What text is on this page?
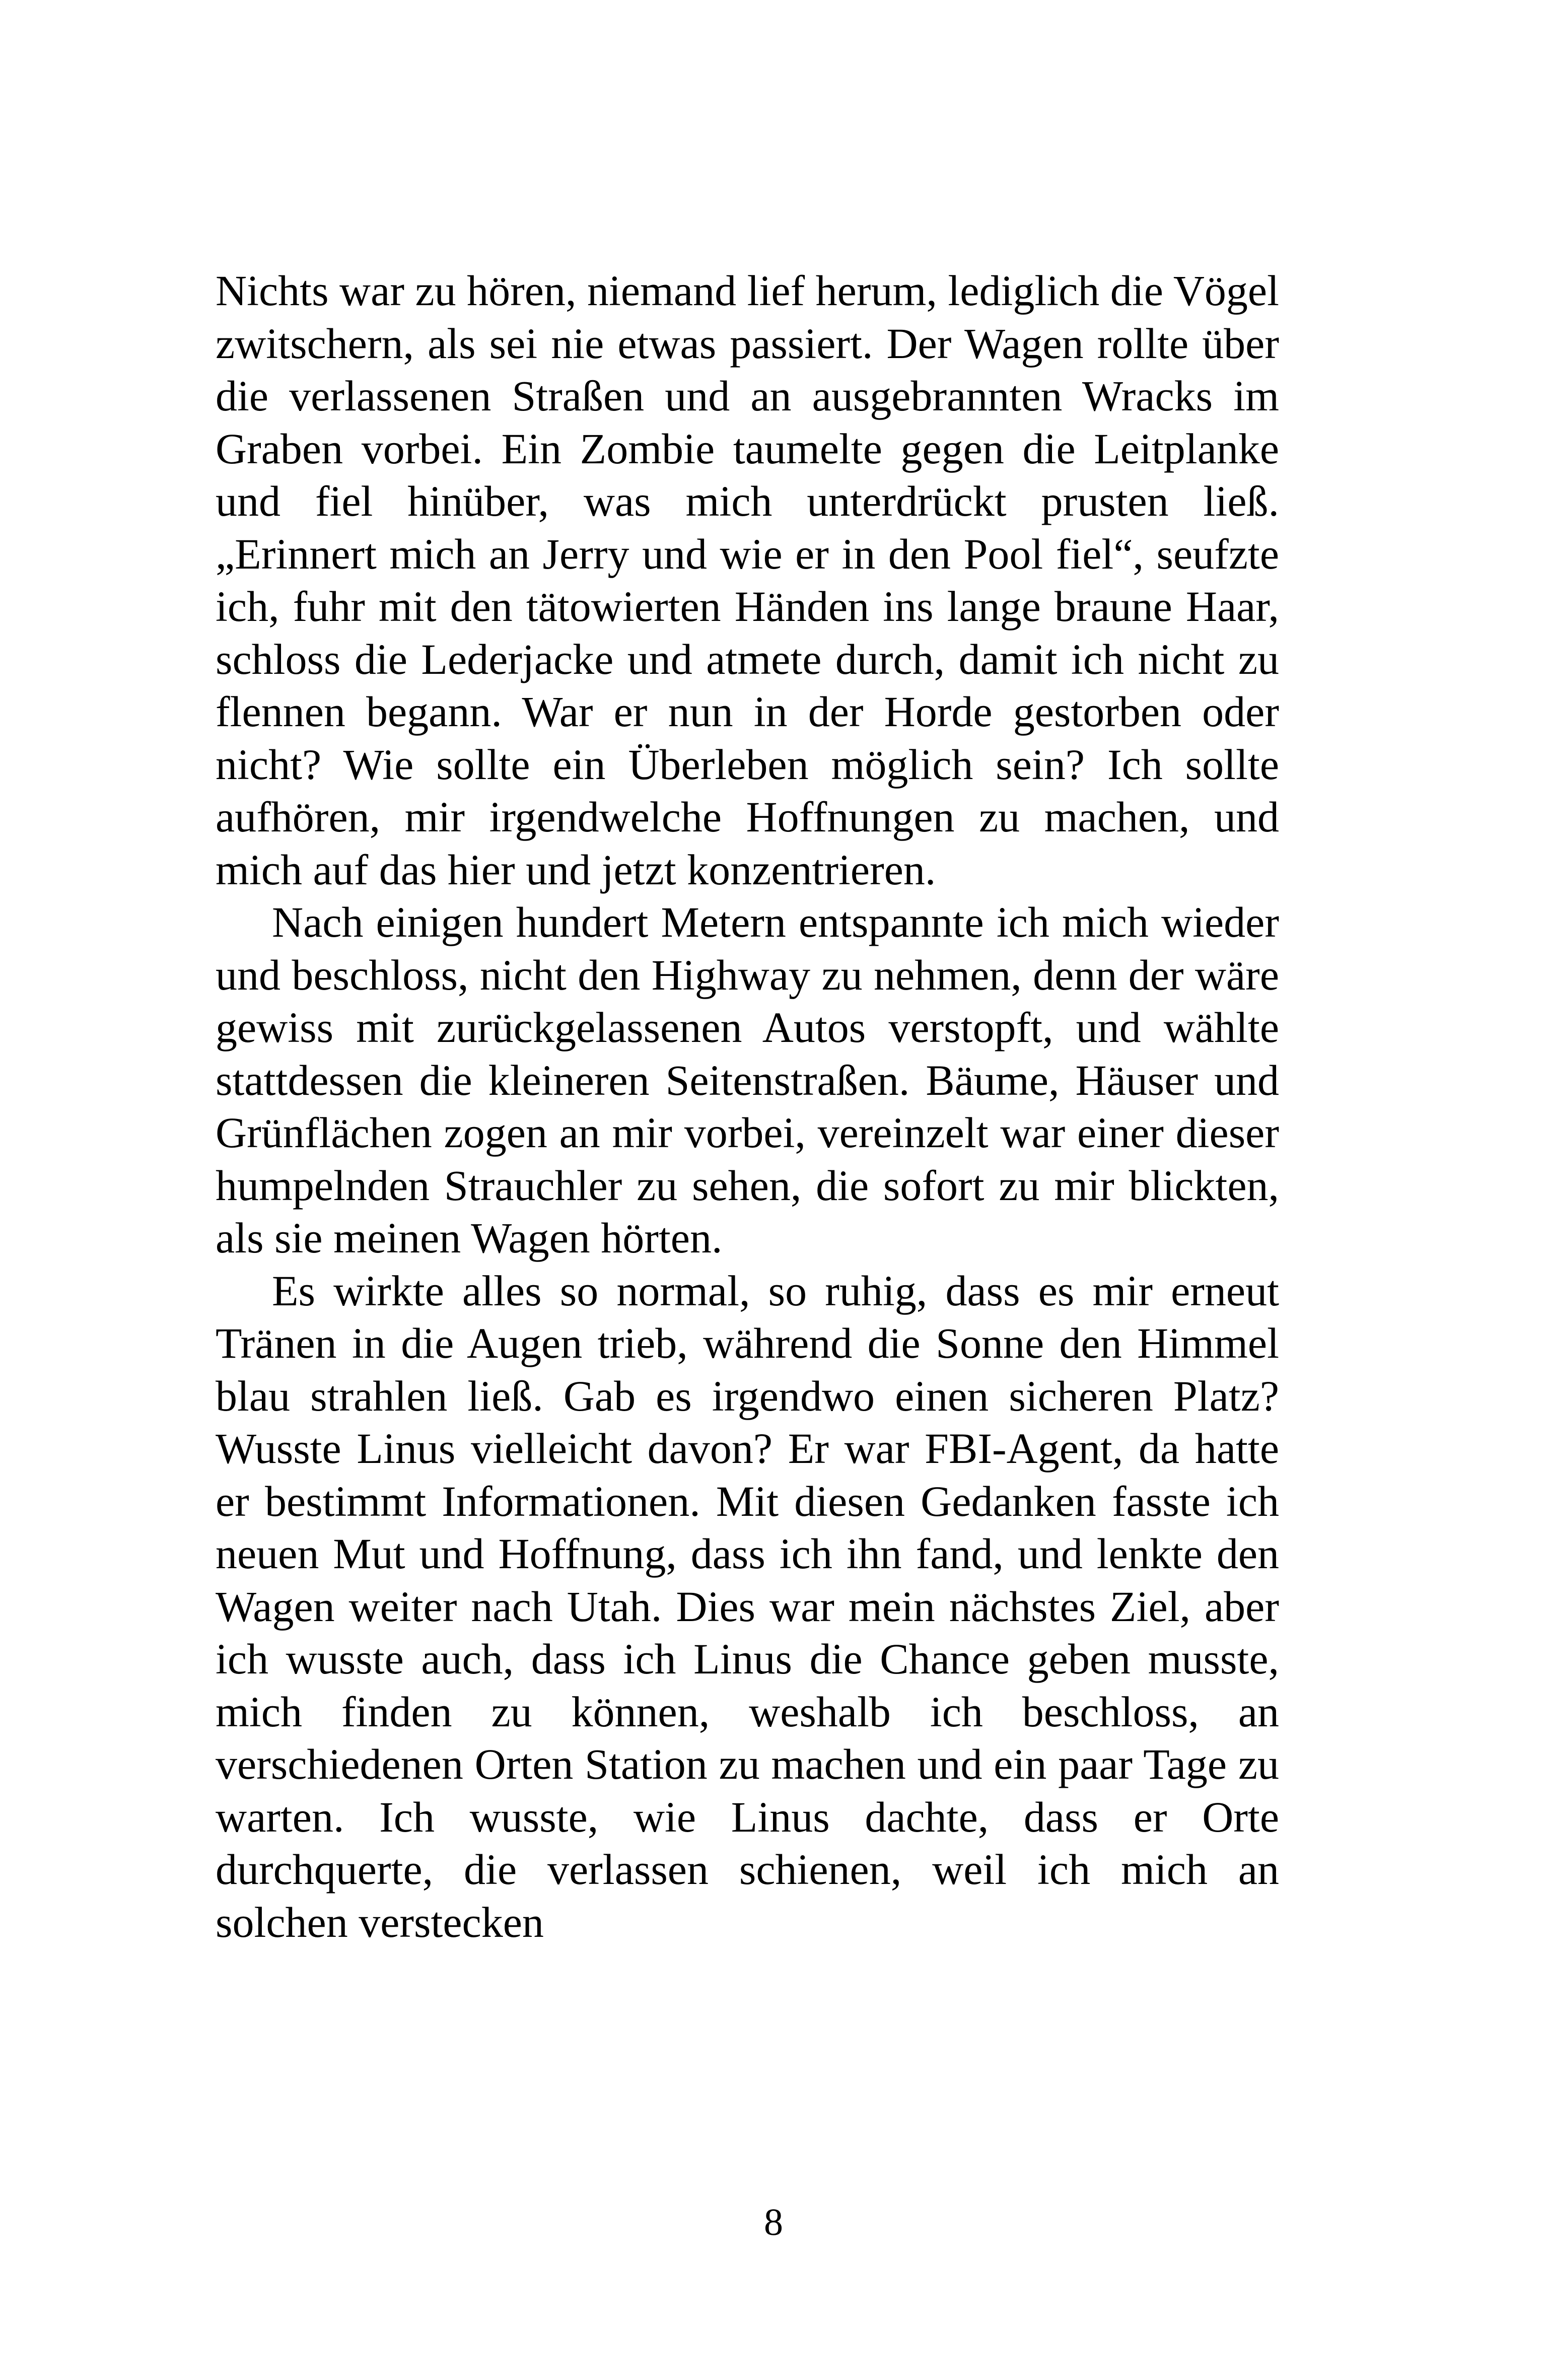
Nichts war zu hören, niemand lief herum, lediglich die Vögel zwitschern, als sei nie etwas passiert. Der Wagen rollte über die verlassenen Straßen und an ausgebrannten Wracks im Graben vorbei. Ein Zombie taumelte gegen die Leitplanke und fiel hinüber, was mich unterdrückt prusten ließ. „Erinnert mich an Jerry und wie er in den Pool fiel“, seufzte ich, fuhr mit den tätowierten Händen ins lange braune Haar, schloss die Lederjacke und atmete durch, damit ich nicht zu flennen begann. War er nun in der Horde gestorben oder nicht? Wie sollte ein Überleben möglich sein? Ich sollte aufhören, mir irgendwelche Hoffnungen zu machen, und mich auf das hier und jetzt konzentrieren.

Nach einigen hundert Metern entspannte ich mich wieder und beschloss, nicht den Highway zu nehmen, denn der wäre gewiss mit zurückgelassenen Autos verstopft, und wählte stattdessen die kleineren Seitenstraßen. Bäume, Häuser und Grünflächen zogen an mir vorbei, vereinzelt war einer dieser humpelnden Strauchler zu sehen, die sofort zu mir blickten, als sie meinen Wagen hörten.

Es wirkte alles so normal, so ruhig, dass es mir erneut Tränen in die Augen trieb, während die Sonne den Himmel blau strahlen ließ. Gab es irgendwo einen sicheren Platz? Wusste Linus vielleicht davon? Er war FBI-Agent, da hatte er bestimmt Informationen. Mit diesen Gedanken fasste ich neuen Mut und Hoffnung, dass ich ihn fand, und lenkte den Wagen weiter nach Utah. Dies war mein nächstes Ziel, aber ich wusste auch, dass ich Linus die Chance geben musste, mich finden zu können, weshalb ich beschloss, an verschiedenen Orten Station zu machen und ein paar Tage zu warten. Ich wusste, wie Linus dachte, dass er Orte durchquerte, die verlassen schienen, weil ich mich an solchen verstecken

8
